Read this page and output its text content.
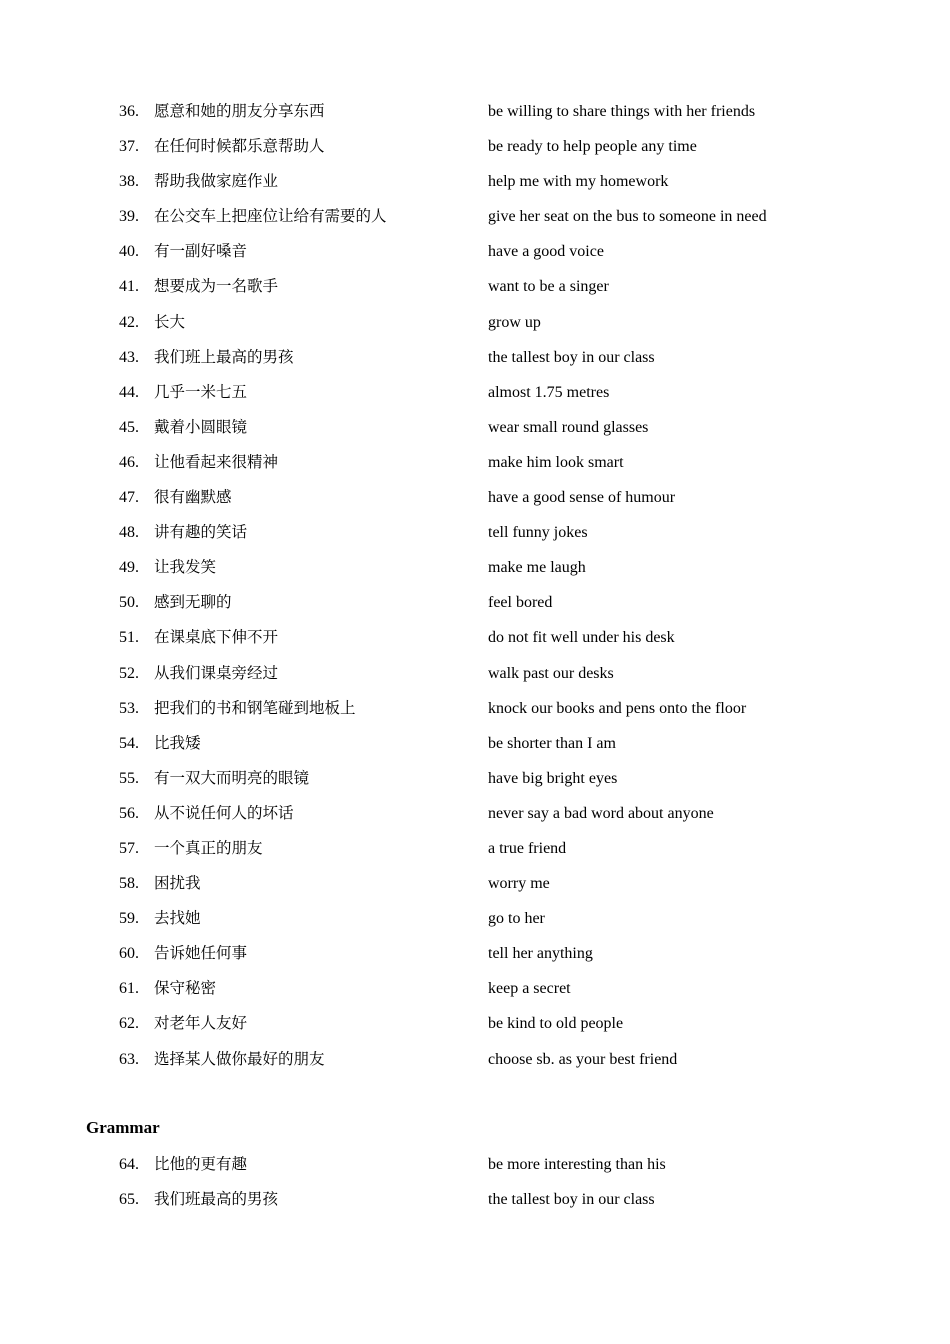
36. 愿意和她的朋友分享东西	be willing to share things with her friends
37. 在任何时候都乐意帮助人	be ready to help people any time
38. 帮助我做家庭作业	help me with my homework
39. 在公交车上把座位让给有需要的人	give her seat on the bus to someone in need
40. 有一副好嗓音	have a good voice
41. 想要成为一名歌手	want to be a singer
42. 长大	grow up
43. 我们班上最高的男孩	the tallest boy in our class
44. 几乎一米七五	almost 1.75 metres
45. 戴着小圆眼镜	wear small round glasses
46. 让他看起来很精神	make him look smart
47. 很有幽默感	have a good sense of humour
48. 讲有趣的笑话	tell funny jokes
49. 让我发笑	make me laugh
50. 感到无聊的	feel bored
51. 在课桌底下伸不开	do not fit well under his desk
52. 从我们课桌旁经过	walk past our desks
53. 把我们的书和钢笔碰到地板上	knock our books and pens onto the floor
54. 比我矮	be shorter than I am
55. 有一双大而明亮的眼镜	have big bright eyes
56. 从不说任何人的坏话	never say a bad word about anyone
57. 一个真正的朋友	a true friend
58. 困扰我	worry me
59. 去找她	go to her
60. 告诉她任何事	tell her anything
61. 保守秘密	keep a secret
62. 对老年人友好	be kind to old people
63. 选择某人做你最好的朋友	choose sb. as your best friend
Grammar
64. 比他的更有趣	be more interesting than his
65. 我们班最高的男孩	the tallest boy in our class
